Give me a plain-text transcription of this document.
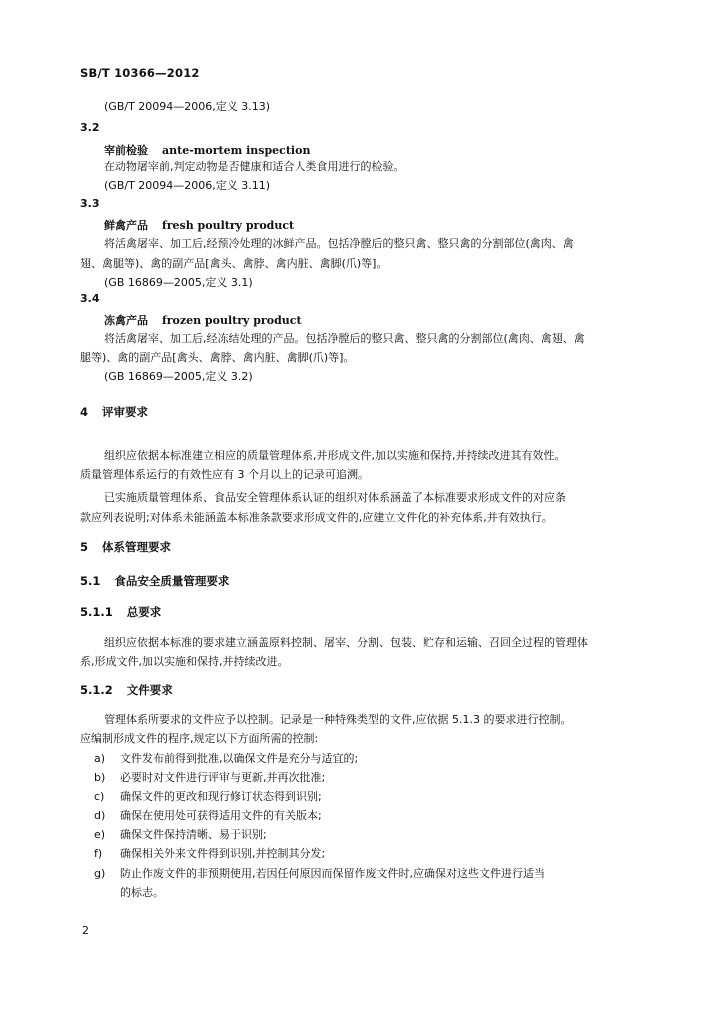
SB/T 10366—2012
(GB/T 20094—2006,定义 3.13)
3.2
宰前检验 ante-mortem inspection
在动物屠宰前,判定动物是否健康和适合人类食用进行的检验。
(GB/T 20094—2006,定义 3.11)
3.3
鲜禽产品 fresh poultry product
将活禽屠宰、加工后,经预冷处理的冰鲜产品。包括净膛后的整只禽、整只禽的分割部位(禽肉、禽
翅、禽腿等)、禽的副产品[禽头、禽脖、禽内脏、禽脚(爪)等]。
(GB 16869—2005,定义 3.1)
3.4
冻禽产品 frozen poultry product
将活禽屠宰、加工后,经冻结处理的产品。包括净膛后的整只禽、整只禽的分割部位(禽肉、禽翅、禽
腿等)、禽的副产品[禽头、禽脖、禽内脏、禽脚(爪)等]。
(GB 16869—2005,定义 3.2)
4 评审要求
组织应依据本标准建立相应的质量管理体系,并形成文件,加以实施和保持,并持续改进其有效性。
质量管理体系运行的有效性应有 3 个月以上的记录可追溯。
已实施质量管理体系、食品安全管理体系认证的组织对体系涵盖了本标准要求形成文件的对应条
款应列表说明;对体系未能涵盖本标准条款要求形成文件的,应建立文件化的补充体系,并有效执行。
5 体系管理要求
5.1 食品安全质量管理要求
5.1.1 总要求
组织应依据本标准的要求建立涵盖原料控制、屠宰、分割、包装、贮存和运输、召回全过程的管理体
系,形成文件,加以实施和保持,并持续改进。
5.1.2 文件要求
管理体系所要求的文件应予以控制。记录是一种特殊类型的文件,应依据 5.1.3 的要求进行控制。
应编制形成文件的程序,规定以下方面所需的控制:
a) 文件发布前得到批准,以确保文件是充分与适宜的;
b) 必要时对文件进行评审与更新,并再次批准;
c) 确保文件的更改和现行修订状态得到识别;
d) 确保在使用处可获得适用文件的有关版本;
e) 确保文件保持清晰、易于识别;
f) 确保相关外来文件得到识别,并控制其分发;
g) 防止作废文件的非预期使用,若因任何原因而保留作废文件时,应确保对这些文件进行适当
的标志。
2
